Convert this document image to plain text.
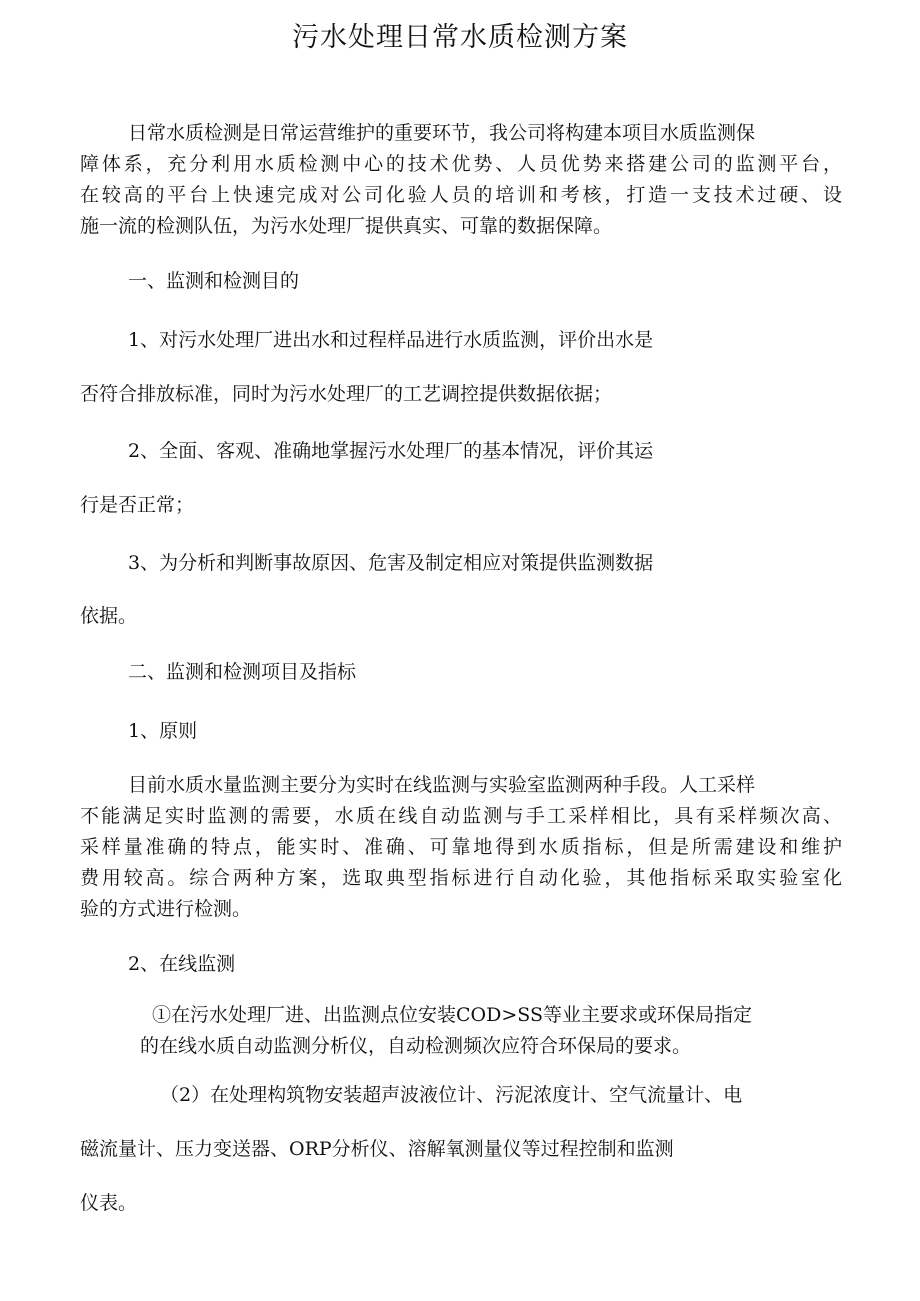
污水处理日常水质检测方案
日常水质检测是日常运营维护的重要环节，我公司将构建本项目水质监测保
障体系，充分利用水质检测中心的技术优势、人员优势来搭建公司的监测平台，
在较高的平台上快速完成对公司化验人员的培训和考核，打造一支技术过硬、设
施一流的检测队伍，为污水处理厂提供真实、可靠的数据保障。
一、监测和检测目的
1、对污水处理厂进出水和过程样品进行水质监测，评价出水是
否符合排放标准，同时为污水处理厂的工艺调控提供数据依据；
2、全面、客观、准确地掌握污水处理厂的基本情况，评价其运
行是否正常；
3、为分析和判断事故原因、危害及制定相应对策提供监测数据
依据。
二、监测和检测项目及指标
1、原则
目前水质水量监测主要分为实时在线监测与实验室监测两种手段。人工采样
不能满足实时监测的需要，水质在线自动监测与手工采样相比，具有采样频次高、
采样量准确的特点，能实时、准确、可靠地得到水质指标，但是所需建设和维护
费用较高。综合两种方案，选取典型指标进行自动化验，其他指标采取实验室化
验的方式进行检测。
2、在线监测
①在污水处理厂进、出监测点位安装COD>SS等业主要求或环保局指定
的在线水质自动监测分析仪，自动检测频次应符合环保局的要求。
（2）在处理构筑物安装超声波液位计、污泥浓度计、空气流量计、电
磁流量计、压力变送器、ORP分析仪、溶解氧测量仪等过程控制和监测
仪表。
